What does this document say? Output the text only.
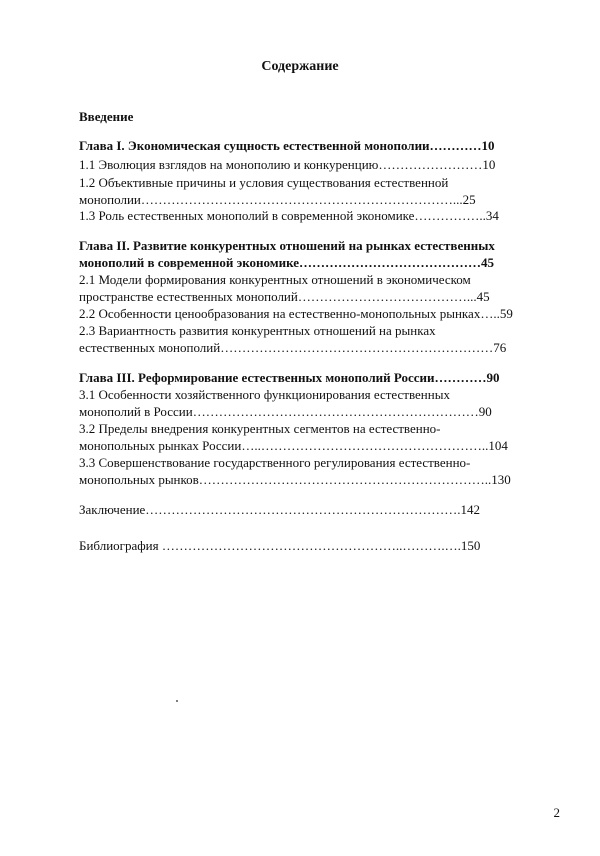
Содержание
Введение
Глава I. Экономическая сущность естественной монополии…………10
1.1 Эволюция взглядов на монополию и конкуренцию……………………10
1.2 Объективные причины и условия существования естественной
монополии………………………………………………………………...25
1.3 Роль естественных монополий в современной экономике……………..34
Глава II. Развитие конкурентных отношений на рынках естественных
монополий в современной экономике……………………………………45
2.1 Модели формирования конкурентных отношений в экономическом
пространстве естественных монополий…………………………………...45
2.2 Особенности ценообразования на естественно-монопольных рынках…..59
2.3 Вариантность развития конкурентных отношений на рынках
естественных монополий………………………………………………………76
Глава III. Реформирование естественных монополий России…………90
3.1 Особенности хозяйственного функционирования естественных
монополий в России…………………………………………………………90
3.2 Пределы внедрения конкурентных сегментов на естественно-
монопольных рынках России…..……………………………………………..104
3.3 Совершенствование государственного регулирования естественно-
монопольных рынков…………………………………………………………..130
Заключение……………………………………………………………….142
Библиография ………………………………………………..……….….150
2
